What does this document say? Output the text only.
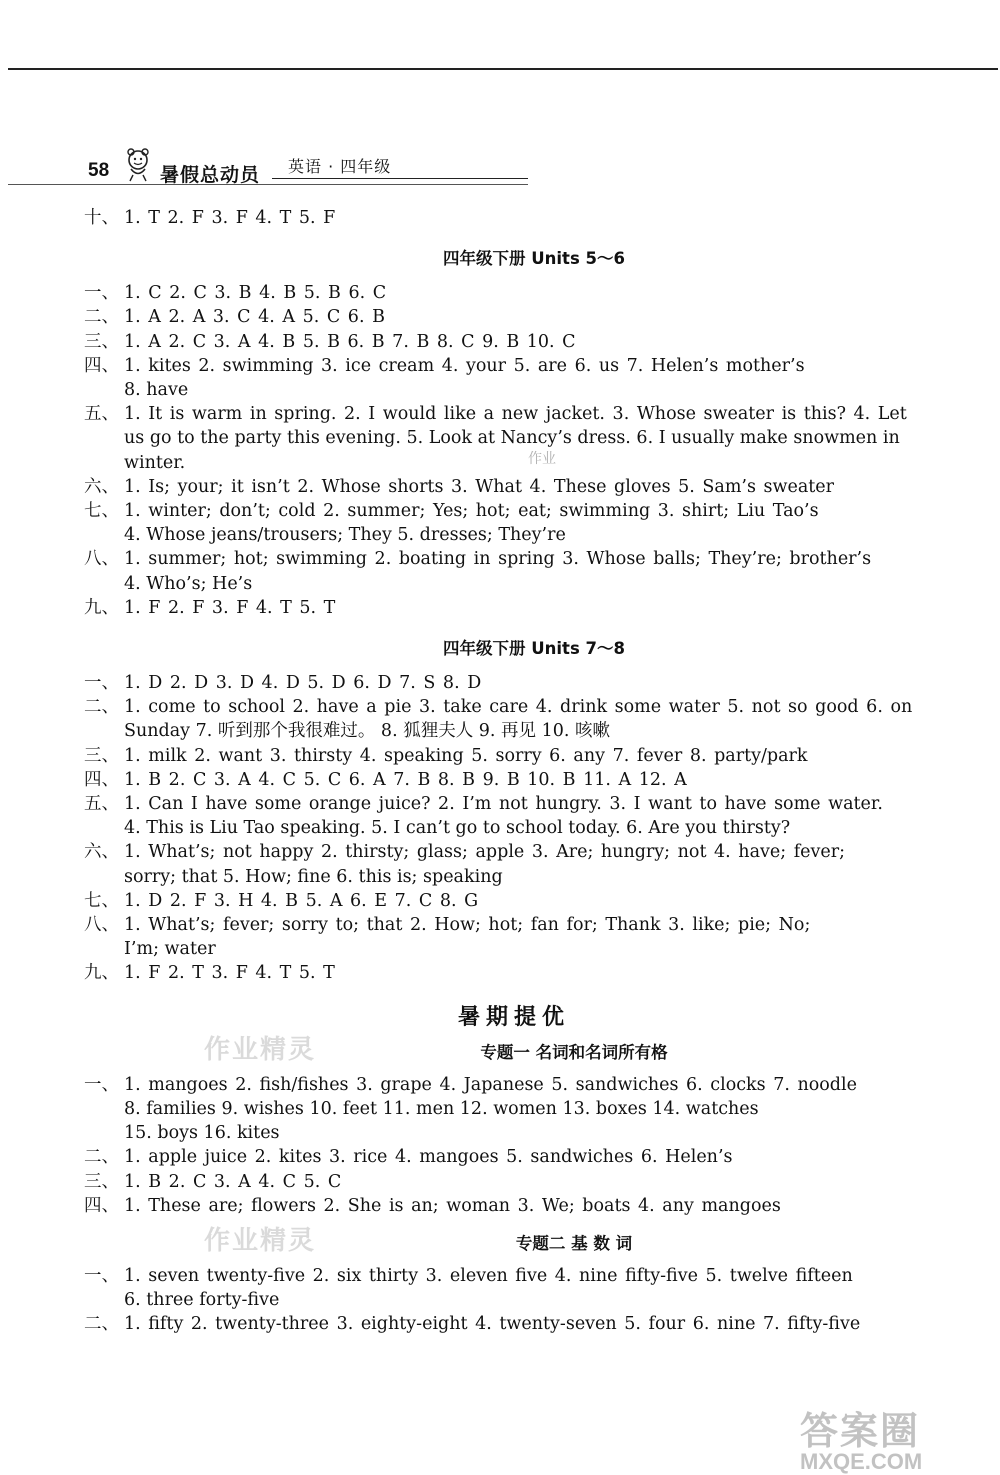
58	暑假总动员 英语 · 四年级
作业
十、 1. T 2. F 3. F 4. T 5. F
四年级下册 Units 5～6
一、 1. C 2. C 3. B 4. B 5. B 6. C
二、 1. A 2. A 3. C 4. A 5. C 6. B
三、 1. A 2. C 3. A 4. B 5. B 6. B 7. B 8. C 9. B 10. C
四、 1. kites 2. swimming 3. ice cream 4. your 5. are 6. us 7. Helen’s mother’s
8. have
五、 1. It is warm in spring. 2. I would like a new jacket. 3. Whose sweater is this? 4. Let
us go to the party this evening. 5. Look at Nancy’s dress. 6. I usually make snowmen in
winter.
六、 1. Is; your; it isn’t 2. Whose shorts 3. What 4. These gloves 5. Sam’s sweater
七、 1. winter; don’t; cold 2. summer; Yes; hot; eat; swimming 3. shirt; Liu Tao’s
4. Whose jeans/trousers; They 5. dresses; They’re
八、 1. summer; hot; swimming 2. boating in spring 3. Whose balls; They’re; brother’s
4. Who’s; He’s
九、 1. F 2. F 3. F 4. T 5. T
四年级下册 Units 7～8
一、 1. D 2. D 3. D 4. D 5. D 6. D 7. S 8. D
二、 1. come to school 2. have a pie 3. take care 4. drink some water 5. not so good 6. on
Sunday 7. 听到那个我很难过。 8. 狐狸夫人 9. 再见 10. 咳嗽
三、 1. milk 2. want 3. thirsty 4. speaking 5. sorry 6. any 7. fever 8. party/park
四、 1. B 2. C 3. A 4. C 5. C 6. A 7. B 8. B 9. B 10. B 11. A 12. A
五、 1. Can I have some orange juice? 2. I’m not hungry. 3. I want to have some water.
4. This is Liu Tao speaking. 5. I can’t go to school today. 6. Are you thirsty?
六、 1. What’s; not happy 2. thirsty; glass; apple 3. Are; hungry; not 4. have; fever;
sorry; that 5. How; fine 6. this is; speaking
七、 1. D 2. F 3. H 4. B 5. A 6. E 7. C 8. G
八、 1. What’s; fever; sorry to; that 2. How; hot; fan for; Thank 3. like; pie; No;
I’m; water
九、 1. F 2. T 3. F 4. T 5. T
暑期提优
作业精灵	专题一 名词和名词所有格
一、 1. mangoes 2. fish/fishes 3. grape 4. Japanese 5. sandwiches 6. clocks 7. noodle
8. families 9. wishes 10. feet 11. men 12. women 13. boxes 14. watches
15. boys 16. kites
二、 1. apple juice 2. kites 3. rice 4. mangoes 5. sandwiches 6. Helen’s
三、 1. B 2. C 3. A 4. C 5. C
四、 1. These are; flowers 2. She is an; woman 3. We; boats 4. any mangoes
作业精灵	专题二 基 数 词
一、 1. seven twenty-five 2. six thirty 3. eleven five 4. nine fifty-five 5. twelve fifteen
6. three forty-five
二、 1. fifty 2. twenty-three 3. eighty-eight 4. twenty-seven 5. four 6. nine 7. fifty-five
答案圈
MXQE.COM
